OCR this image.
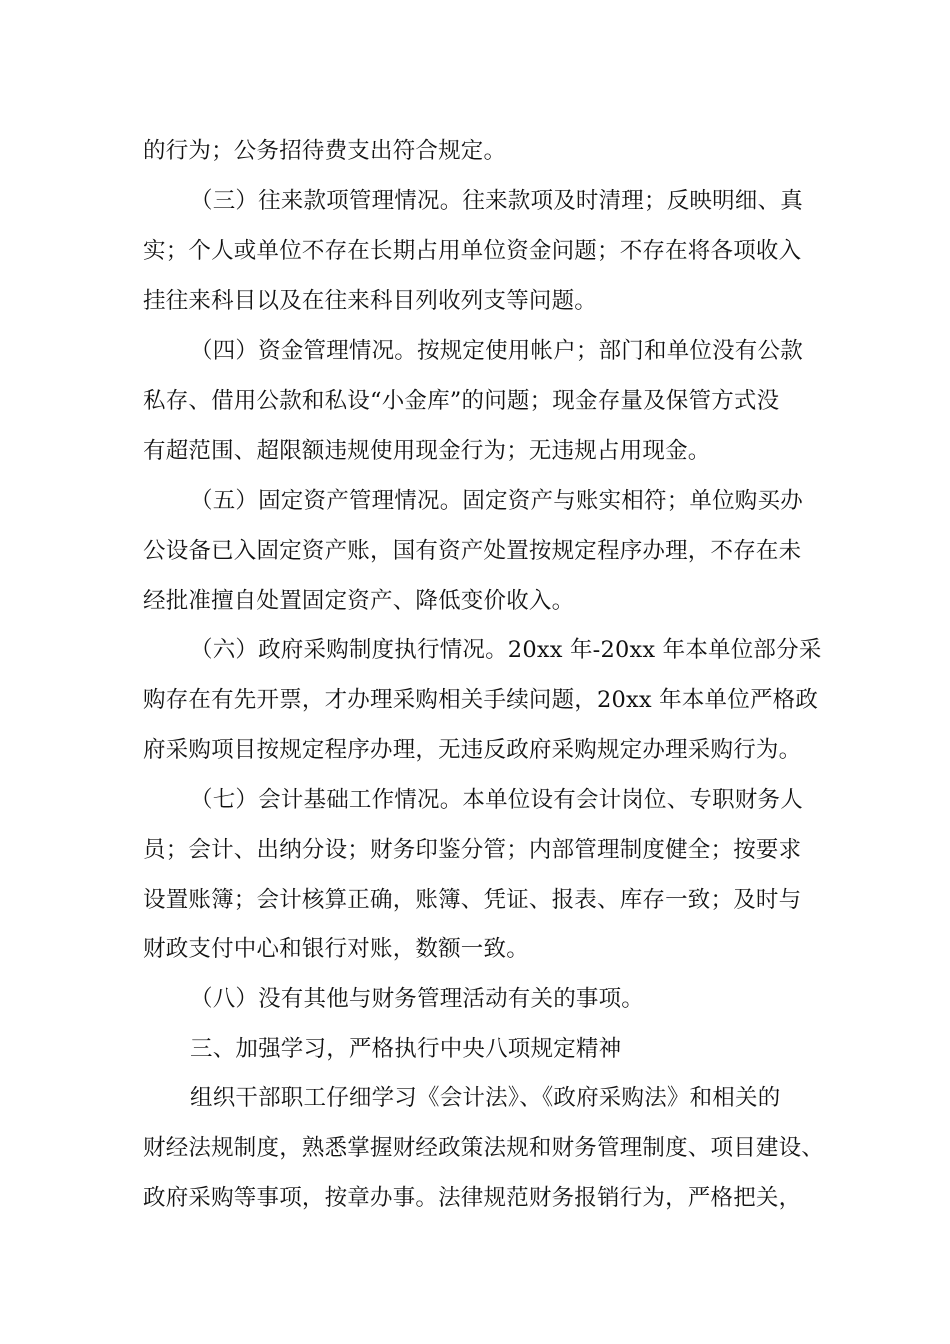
的行为；公务招待费支出符合规定。
（三）往来款项管理情况。往来款项及时清理；反映明细、真
实；个人或单位不存在长期占用单位资金问题；不存在将各项收入
挂往来科目以及在往来科目列收列支等问题。
（四）资金管理情况。按规定使用帐户；部门和单位没有公款
私存、借用公款和私设“小金库”的问题；现金存量及保管方式没
有超范围、超限额违规使用现金行为；无违规占用现金。
（五）固定资产管理情况。固定资产与账实相符；单位购买办
公设备已入固定资产账，国有资产处置按规定程序办理，不存在未
经批准擅自处置固定资产、降低变价收入。
（六）政府采购制度执行情况。20xx 年-20xx 年本单位部分采
购存在有先开票，才办理采购相关手续问题，20xx 年本单位严格政
府采购项目按规定程序办理，无违反政府采购规定办理采购行为。
（七）会计基础工作情况。本单位设有会计岗位、专职财务人
员；会计、出纳分设；财务印鉴分管；内部管理制度健全；按要求
设置账簿；会计核算正确，账簿、凭证、报表、库存一致；及时与
财政支付中心和银行对账，数额一致。
（八）没有其他与财务管理活动有关的事项。
三、加强学习，严格执行中央八项规定精神
组织干部职工仔细学习《会计法》、《政府采购法》和相关的
财经法规制度，熟悉掌握财经政策法规和财务管理制度、项目建设、
政府采购等事项，按章办事。法律规范财务报销行为，严格把关，
